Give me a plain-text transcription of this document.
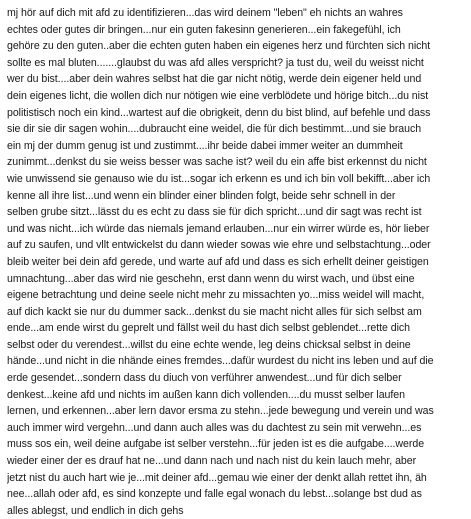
mj hör auf dich mit afd zu identifizieren...das wird deinem "leben" eh nichts an wahres
echtes oder gutes dir bringen...nur ein guten fakesinn generieren...ein fakegefühl, ich
gehöre zu den guten..aber die echten guten haben ein eigenes herz und fürchten sich nicht
sollte es mal bluten.......glaubst du was afd alles verspricht? ja tust du, weil du weisst nicht
wer du bist....aber dein wahres selbst hat die gar nicht nötig, werde dein eigener held und
dein eigenes licht, die wollen dich nur nötigen wie eine verblödete und hörige bitch...du nist
politistisch noch ein kind...wartest auf die obrigkeit, denn du bist blind, auf befehle und dass
sie dir sie dir sagen wohin....dubraucht eine weidel, die für dich bestimmt...und sie brauch
ein mj der dumm genug ist und zustimmt....ihr beide dabei immer weiter an dummheit
zunimmt...denkst du sie weiss besser was sache ist? weil du ein affe bist erkennst du nicht
wie unwissend sie genauso wie du ist...sogar ich erkenn es und ich bin voll bekifft...aber ich
kenne all ihre list...und wenn ein blinder einer blinden folgt, beide sehr schnell in der
selben grube sitzt...lässt du es echt zu dass sie für dich spricht...und dir sagt was recht ist
und was nicht...ich würde das niemals jemand erlauben...nur ein wirrer würde es, hör lieber
auf zu saufen, und vllt entwickelst du dann wieder sowas wie ehre und selbstachtung...oder
bleib weiter bei dein afd gerede, und warte auf afd und dass es sich erhellt deiner geistigen
umnachtung...aber das wird nie geschehn, erst dann wenn du wirst wach, und übst eine
eigene betrachtung und deine seele nicht mehr zu missachten yo...miss weidel will macht,
auf dich kackt sie nur du dummer sack...denkst du sie macht nicht alles für sich selbst am
ende...am ende wirst du geprelt und fällst weil du hast dich selbst geblendet...rette dich
selbst oder du verendest...willst du eine echte wende, leg deins chicksal selbst in deine
hände...und nicht in die nhände eines fremdes...dafür wurdest du nicht ins leben und auf die
erde gesendet...sondern dass du diuch von verführer anwendest...und für dich selber
denkest...keine afd und nichts im außen kann dich vollenden....du musst selber laufen
lernen, und erkennen...aber lern davor ersma zu stehn...jede bewegung und verein und was
auch immer wird vergehn...und dann auch alles was du dachtest zu sein mit verwehn...es
muss sos ein, weil deine aufgabe ist selber verstehn...für jeden ist es die aufgabe....werde
wieder einer der es drauf hat ne...und dann nach und nach nist du kein lauch mehr, aber
jetzt nist du auch hart wie je...mit deiner afd...gemau wie einer der denkt allah rettet ihn, äh
nee...allah oder afd, es sind konzepte und falle egal wonach du lebst...solange bst dud as
alles ablegst, und endlich in dich gehs
